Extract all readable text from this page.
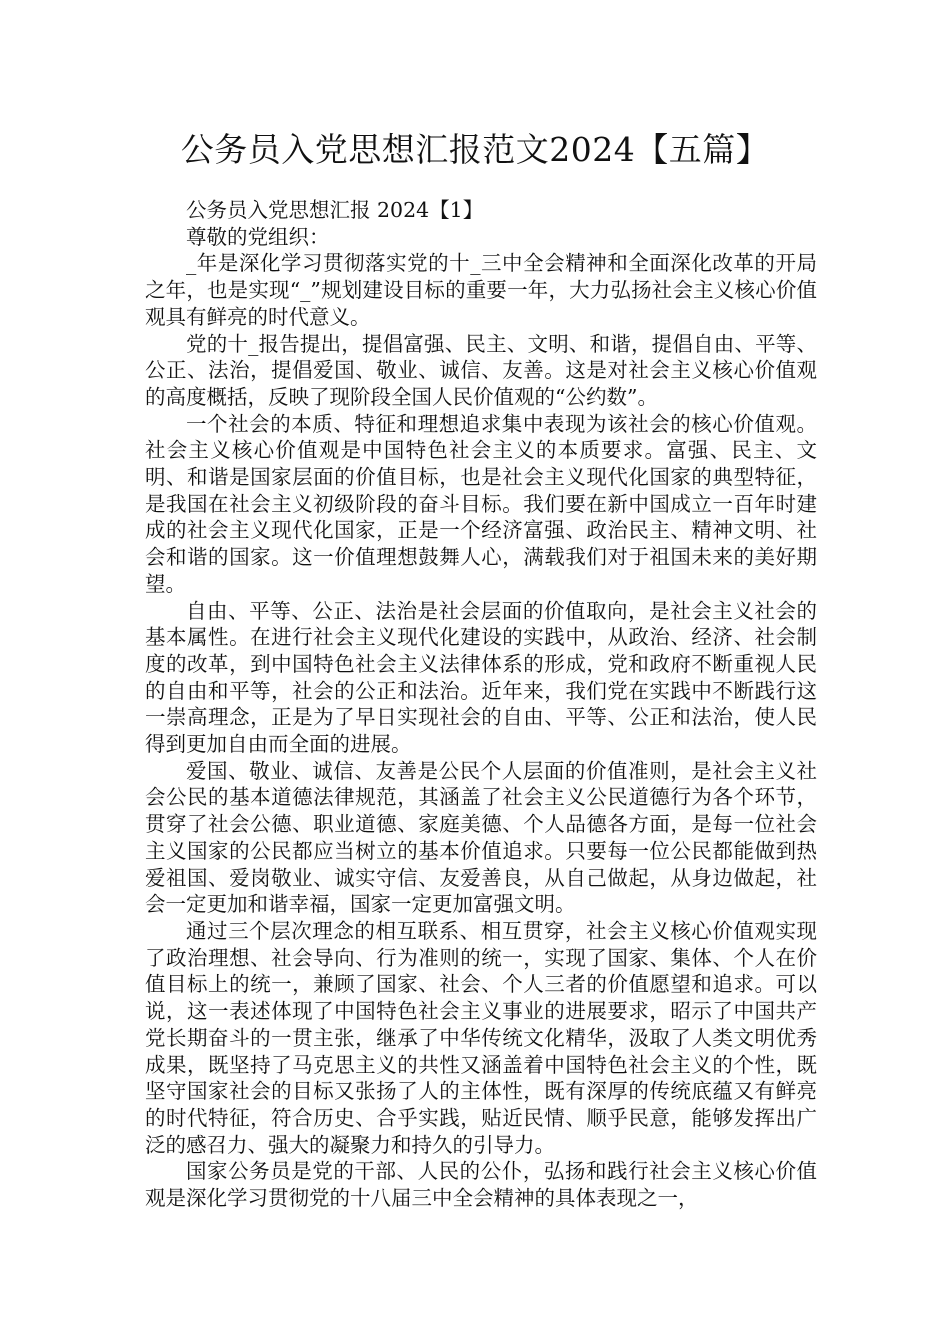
公务员入党思想汇报范文2024【五篇】

公务员入党思想汇报 2024【1】

尊敬的党组织：

_年是深化学习贯彻落实党的十_三中全会精神和全面深化改革的开局之年，也是实现“_”规划建设目标的重要一年，大力弘扬社会主义核心价值观具有鲜亮的时代意义。

党的十_报告提出，提倡富强、民主、文明、和谐，提倡自由、平等、公正、法治，提倡爱国、敬业、诚信、友善。这是对社会主义核心价值观的高度概括，反映了现阶段全国人民价值观的“公约数”。

一个社会的本质、特征和理想追求集中表现为该社会的核心价值观。社会主义核心价值观是中国特色社会主义的本质要求。富强、民主、文明、和谐是国家层面的价值目标，也是社会主义现代化国家的典型特征，是我国在社会主义初级阶段的奋斗目标。我们要在新中国成立一百年时建成的社会主义现代化国家，正是一个经济富强、政治民主、精神文明、社会和谐的国家。这一价值理想鼓舞人心，满载我们对于祖国未来的美好期望。

自由、平等、公正、法治是社会层面的价值取向，是社会主义社会的基本属性。在进行社会主义现代化建设的实践中，从政治、经济、社会制度的改革，到中国特色社会主义法律体系的形成，党和政府不断重视人民的自由和平等，社会的公正和法治。近年来，我们党在实践中不断践行这一崇高理念，正是为了早日实现社会的自由、平等、公正和法治，使人民得到更加自由而全面的进展。

爱国、敬业、诚信、友善是公民个人层面的价值准则，是社会主义社会公民的基本道德法律规范，其涵盖了社会主义公民道德行为各个环节，贯穿了社会公德、职业道德、家庭美德、个人品德各方面，是每一位社会主义国家的公民都应当树立的基本价值追求。只要每一位公民都能做到热爱祖国、爱岗敬业、诚实守信、友爱善良，从自己做起，从身边做起，社会一定更加和谐幸福，国家一定更加富强文明。

通过三个层次理念的相互联系、相互贯穿，社会主义核心价值观实现了政治理想、社会导向、行为准则的统一，实现了国家、集体、个人在价值目标上的统一，兼顾了国家、社会、个人三者的价值愿望和追求。可以说，这一表述体现了中国特色社会主义事业的进展要求，昭示了中国共产党长期奋斗的一贯主张，继承了中华传统文化精华，汲取了人类文明优秀成果，既坚持了马克思主义的共性又涵盖着中国特色社会主义的个性，既坚守国家社会的目标又张扬了人的主体性，既有深厚的传统底蕴又有鲜亮的时代特征，符合历史、合乎实践，贴近民情、顺乎民意，能够发挥出广泛的感召力、强大的凝聚力和持久的引导力。

国家公务员是党的干部、人民的公仆，弘扬和践行社会主义核心价值观是深化学习贯彻党的十八届三中全会精神的具体表现之一，
